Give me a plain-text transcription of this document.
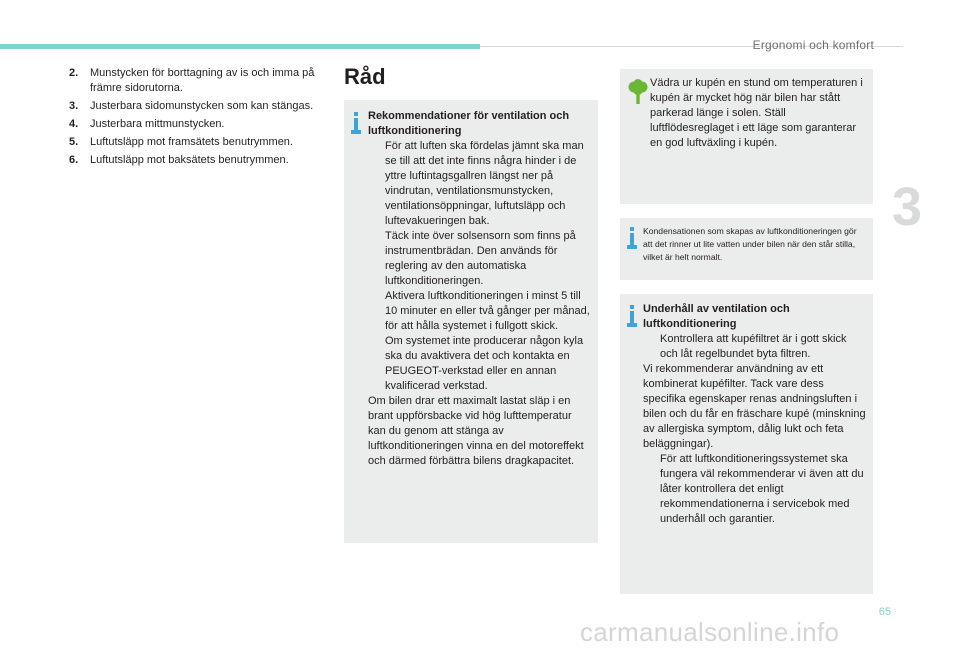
Ergonomi och komfort
3
2.	Munstycken för borttagning av is och imma på främre sidorutorna.
3.	Justerbara sidomunstycken som kan stängas.
4.	Justerbara mittmunstycken.
5.	Luftutsläpp mot framsätets benutrymmen.
6.	Luftutsläpp mot baksätets benutrymmen.
Råd
Rekommendationer för ventilation och luftkonditionering
För att luften ska fördelas jämnt ska man se till att det inte finns några hinder i de yttre luftintagsgallren längst ner på vindrutan, ventilationsmunstycken, ventilationsöppningar, luftutsläpp och luftevakueringen bak.
Täck inte över solsensorn som finns på instrumentbrädan. Den används för reglering av den automatiska luftkonditioneringen.
Aktivera luftkonditioneringen i minst 5 till 10 minuter en eller två gånger per månad, för att hålla systemet i fullgott skick.
Om systemet inte producerar någon kyla ska du avaktivera det och kontakta en PEUGEOT-verkstad eller en annan kvalificerad verkstad.

Om bilen drar ett maximalt lastat släp i en brant uppförsbacke vid hög lufttemperatur kan du genom att stänga av luftkonditioneringen vinna en del motoreffekt och därmed förbättra bilens dragkapacitet.

Vädra ur kupén en stund om temperaturen i kupén är mycket hög när bilen har stått parkerad länge i solen. Ställ luftflödesreglaget i ett läge som garanterar en god luftväxling i kupén.

Kondensationen som skapas av luftkonditioneringen gör att det rinner ut lite vatten under bilen när den står stilla, vilket är helt normalt.

Underhåll av ventilation och luftkonditionering
Kontrollera att kupéfiltret är i gott skick och låt regelbundet byta filtren.

Vi rekommenderar användning av ett kombinerat kupéfilter. Tack vare dess specifika egenskaper renas andningsluften i bilen och du får en fräschare kupé (minskning av allergiska symptom, dålig lukt och feta beläggningar).

För att luftkonditioneringssystemet ska fungera väl rekommenderar vi även att du låter kontrollera det enligt rekommendationerna i servicebok med underhåll och garantier.
65
carmanualsonline.info
